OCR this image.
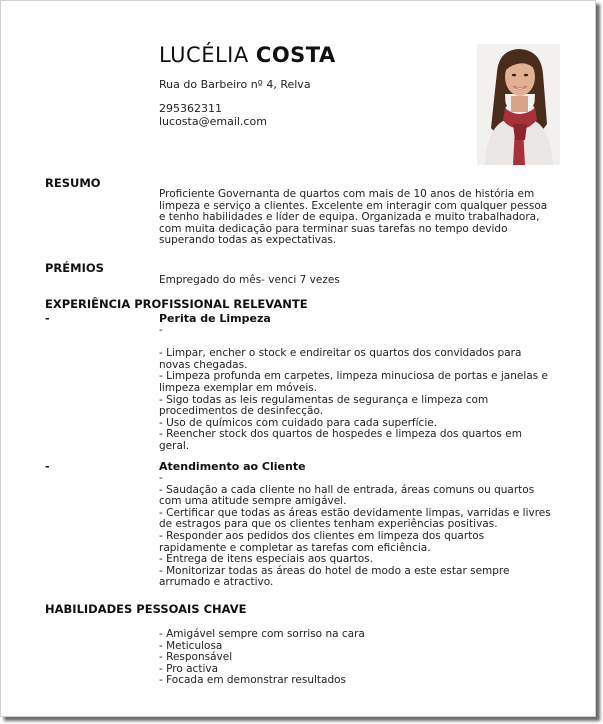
LUCÉLIA COSTA
Rua do Barbeiro nº 4, Relva
295362311
lucosta@email.com
RESUMO
Proficiente Governanta de quartos com mais de 10 anos de história em
limpeza e serviço a clientes. Excelente em interagir com qualquer pessoa
e tenho habilidades e líder de equipa. Organizada e muito trabalhadora,
com muita dedicação para terminar suas tarefas no tempo devido
superando todas as expectativas.
PRÉMIOS
Empregado do mês- venci 7 vezes
EXPERIÊNCIA PROFISSIONAL RELEVANTE
-	Perita de Limpeza
-
- Limpar, encher o stock e endireitar os quartos dos convidados para
novas chegadas.
- Limpeza profunda em carpetes, limpeza minuciosa de portas e janelas e
limpeza exemplar em móveis.
- Sigo todas as leis regulamentas de segurança e limpeza com
procedimentos de desinfecção.
- Uso de químicos com cuidado para cada superfície.
- Reencher stock dos quartos de hospedes e limpeza dos quartos em
geral.
-	Atendimento ao Cliente
-
- Saudação a cada cliente no hall de entrada, áreas comuns ou quartos
com uma atitude sempre amigável.
- Certificar que todas as áreas estão devidamente limpas, varridas e livres
de estragos para que os clientes tenham experiências positivas.
- Responder aos pedidos dos clientes em limpeza dos quartos
rapidamente e completar as tarefas com eficiência.
- Entrega de itens especiais aos quartos.
- Monitorizar todas as áreas do hotel de modo a este estar sempre
arrumado e atractivo.
HABILIDADES PESSOAIS CHAVE
- Amigável sempre com sorriso na cara
- Meticulosa
- Responsável
- Pro activa
- Focada em demonstrar resultados
